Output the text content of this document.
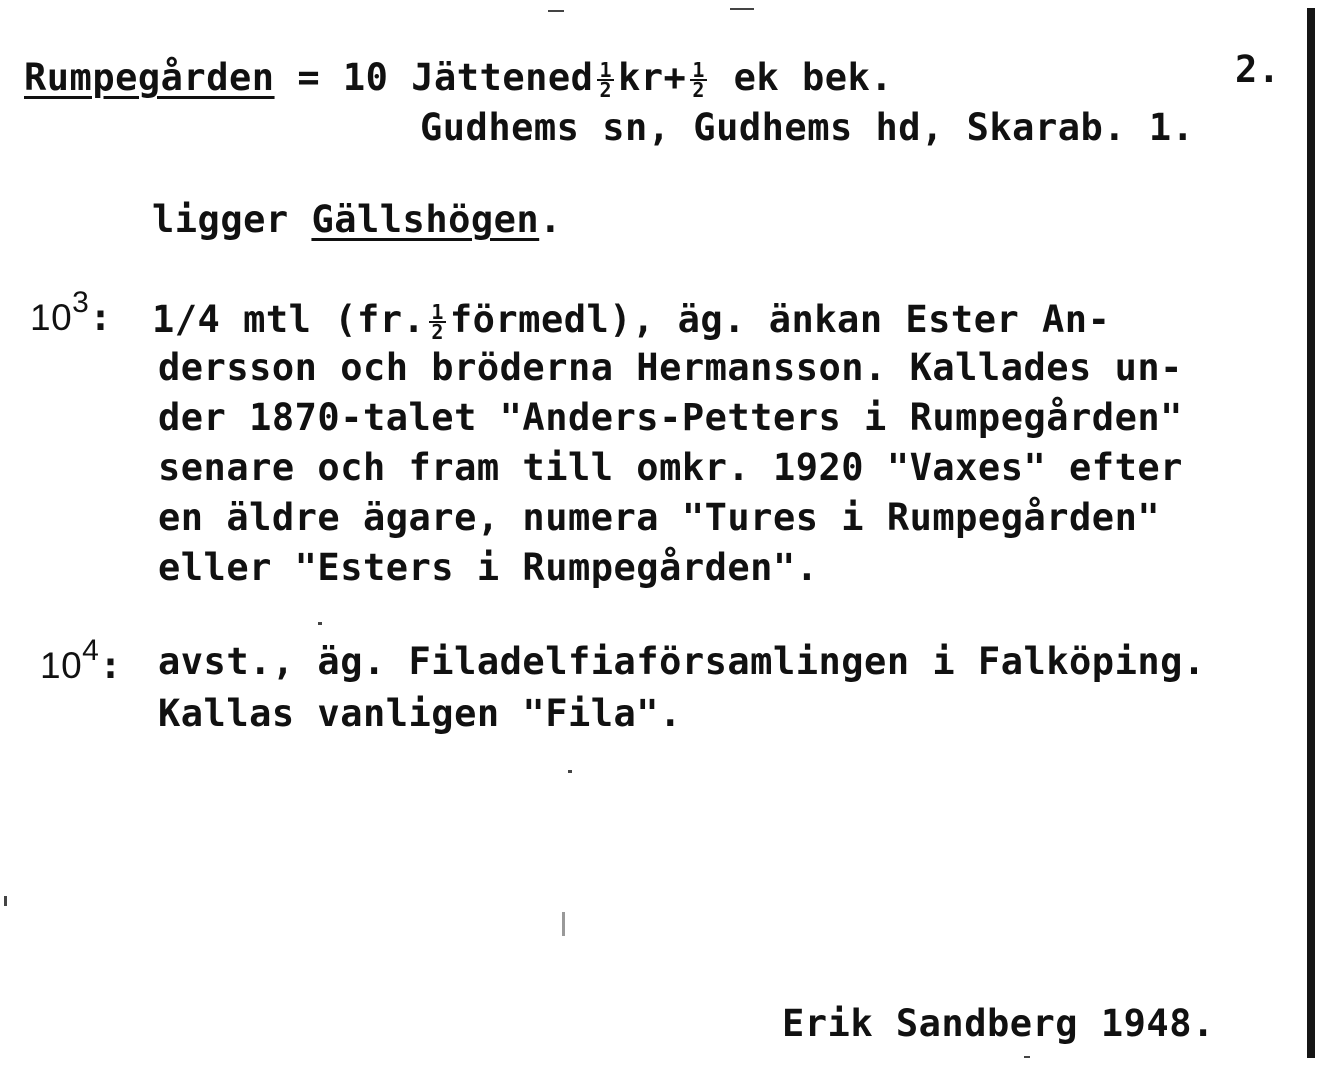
Rumpegården = 10 Jättened $\frac{1}{2} kr+ \frac{1}{2}$ ek bek.	2.
Gudhems sn, Gudhems hd, Skarab. 1.
ligger Gällshögen.
$10^3$: 1/4 mtl (fr. $\frac{1}{2}$ förmedl), äg. änkan Ester An-
dersson och bröderna Hermansson. Kallades un-
der 1870-talet "Anders-Petters i Rumpegården"
senare och fram till omkr. 1920 "Vaxes" efter
en äldre ägare, numera "Tures i Rumpegården"
eller "Esters i Rumpegården".
$10^4$: avst., äg. Filadelfiaförsamlingen i Falköping.
Kallas vanligen "Fila".
Erik Sandberg 1948.
